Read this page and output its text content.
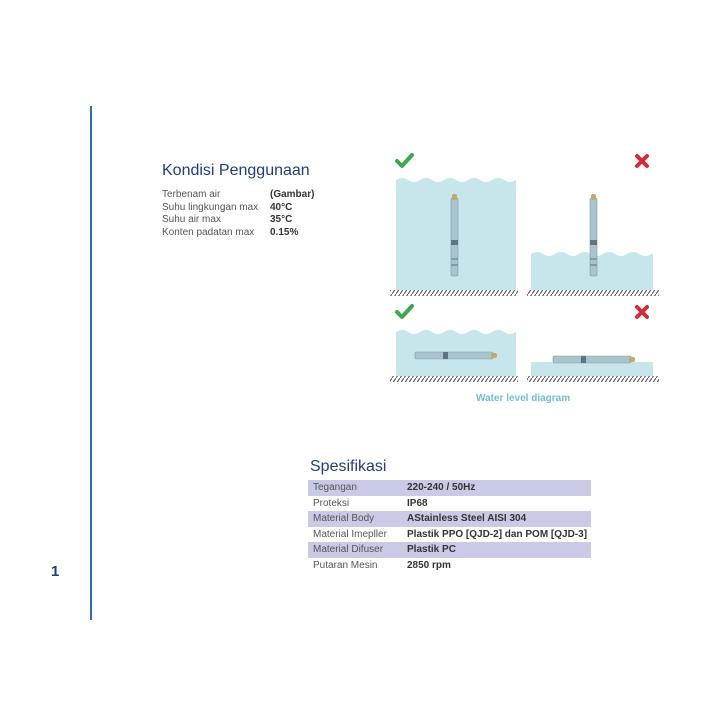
1
Kondisi Penggunaan
Terbenam air	(Gambar)
Suhu lingkungan max	40°C
Suhu air max	35°C
Konten padatan max	0.15%
Water level diagram
Spesifikasi
Tegangan	220-240 / 50Hz
Proteksi	IP68
Material Body	AStainless Steel AISI 304
Material Imepller	Plastik PPO [QJD-2] dan POM [QJD-3]
Material Difuser	Plastik PC
Putaran Mesin	2850 rpm
